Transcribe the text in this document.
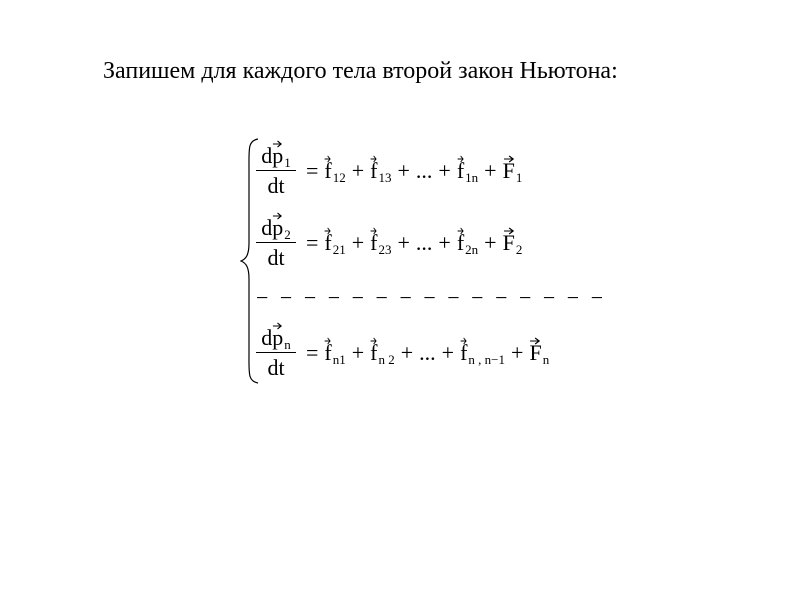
Запишем для каждого тела второй закон Ньютона:
d
p1
dt
= f12 + f13 + ... + f1n + F1
d
p2
dt
= f21 + f23 + ... + f2n + F2
− − − − − − − − − − − − − − −
d
pn
dt
= fn1 + fn 2 + ... + fn , n−1 + Fn
